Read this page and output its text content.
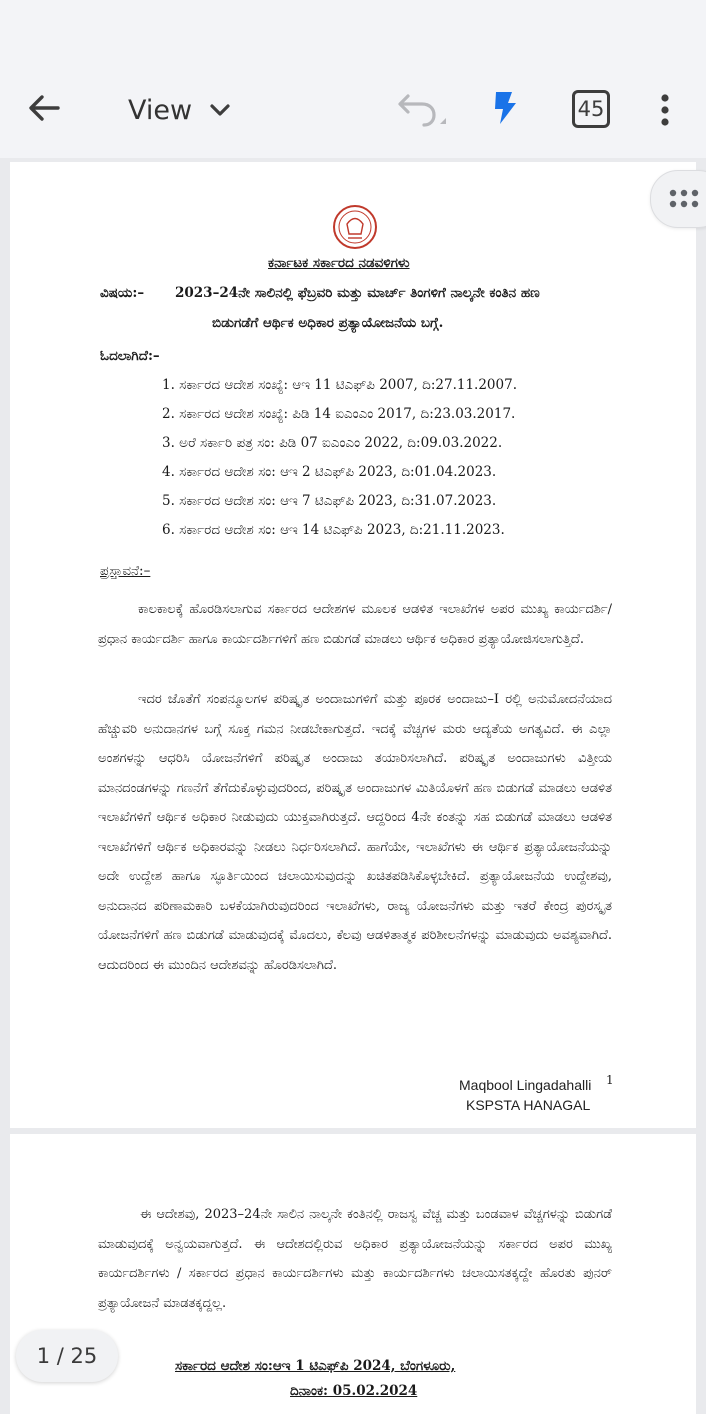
View	45
ಕರ್ನಾಟಕ ಸರ್ಕಾರದ ನಡವಳಿಗಳು
ವಿಷಯ:– 2023–24ನೇ ಸಾಲಿನಲ್ಲಿ ಫೆಬ್ರವರಿ ಮತ್ತು ಮಾರ್ಚ್ ತಿಂಗಳಿಗೆ ನಾಲ್ಕನೇ ಕಂತಿನ ಹಣ
ಬಿಡುಗಡೆಗೆ ಆರ್ಥಿಕ ಅಧಿಕಾರ ಪ್ರತ್ಯಾಯೋಜನೆಯ ಬಗ್ಗೆ.
ಓದಲಾಗಿದೆ:–
1. ಸರ್ಕಾರದ ಆದೇಶ ಸಂಖ್ಯೆ: ಆಇ 11 ಟಿಎಫ್‌ಪಿ 2007, ದಿ:27.11.2007.
2. ಸರ್ಕಾರದ ಆದೇಶ ಸಂಖ್ಯೆ: ಪಿಡಿ 14 ಐಎಂಎಂ 2017, ದಿ:23.03.2017.
3. ಅರೆ ಸರ್ಕಾರಿ ಪತ್ರ ಸಂ: ಪಿಡಿ 07 ಐಎಂಎಂ 2022, ದಿ:09.03.2022.
4. ಸರ್ಕಾರದ ಆದೇಶ ಸಂ: ಆಇ 2 ಟಿಎಫ್‌ಪಿ 2023, ದಿ:01.04.2023.
5. ಸರ್ಕಾರದ ಆದೇಶ ಸಂ: ಆಇ 7 ಟಿಎಫ್‌ಪಿ 2023, ದಿ:31.07.2023.
6. ಸರ್ಕಾರದ ಆದೇಶ ಸಂ: ಆಇ 14 ಟಿಎಫ್‌ಪಿ 2023, ದಿ:21.11.2023.
ಪ್ರಸ್ತಾವನೆ:–
ಕಾಲಕಾಲಕ್ಕೆ ಹೊರಡಿಸಲಾಗುವ ಸರ್ಕಾರದ ಆದೇಶಗಳ ಮೂಲಕ ಆಡಳಿತ ಇಲಾಖೆಗಳ ಅಪರ ಮುಖ್ಯ ಕಾರ್ಯದರ್ಶಿ/ ಪ್ರಧಾನ ಕಾರ್ಯದರ್ಶಿ ಹಾಗೂ ಕಾರ್ಯದರ್ಶಿಗಳಿಗೆ ಹಣ ಬಿಡುಗಡೆ ಮಾಡಲು ಆರ್ಥಿಕ ಅಧಿಕಾರ ಪ್ರತ್ಯಾಯೋಜಿಸಲಾಗುತ್ತಿದೆ.
ಇದರ ಜೊತೆಗೆ ಸಂಪನ್ಮೂಲಗಳ ಪರಿಷ್ಕೃತ ಅಂದಾಜುಗಳಿಗೆ ಮತ್ತು ಪೂರಕ ಅಂದಾಜು–I ರಲ್ಲಿ ಅನುಮೋದನೆಯಾದ ಹೆಚ್ಚುವರಿ ಅನುದಾನಗಳ ಬಗ್ಗೆ ಸೂಕ್ತ ಗಮನ ನೀಡಬೇಕಾಗುತ್ತದೆ. ಇದಕ್ಕೆ ವೆಚ್ಚಗಳ ಮರು ಆದ್ಯತೆಯ ಅಗತ್ಯವಿದೆ. ಈ ಎಲ್ಲಾ ಅಂಶಗಳನ್ನು ಆಧರಿಸಿ ಯೋಜನೆಗಳಿಗೆ ಪರಿಷ್ಕೃತ ಅಂದಾಜು ತಯಾರಿಸಲಾಗಿದೆ. ಪರಿಷ್ಕೃತ ಅಂದಾಜುಗಳು ವಿತ್ತೀಯ ಮಾನದಂಡಗಳನ್ನು ಗಣನೆಗೆ ತೆಗೆದುಕೊಳ್ಳುವುದರಿಂದ, ಪರಿಷ್ಕೃತ ಅಂದಾಜುಗಳ ಮಿತಿಯೊಳಗೆ ಹಣ ಬಿಡುಗಡೆ ಮಾಡಲು ಆಡಳಿತ ಇಲಾಖೆಗಳಿಗೆ ಆರ್ಥಿಕ ಅಧಿಕಾರ ನೀಡುವುದು ಯುಕ್ತವಾಗಿರುತ್ತದೆ. ಆದ್ದರಿಂದ 4ನೇ ಕಂತನ್ನು ಸಹ ಬಿಡುಗಡೆ ಮಾಡಲು ಆಡಳಿತ ಇಲಾಖೆಗಳಿಗೆ ಆರ್ಥಿಕ ಅಧಿಕಾರವನ್ನು ನೀಡಲು ನಿರ್ಧರಿಸಲಾಗಿದೆ. ಹಾಗೆಯೇ, ಇಲಾಖೆಗಳು ಈ ಆರ್ಥಿಕ ಪ್ರತ್ಯಾಯೋಜನೆಯನ್ನು ಅದೇ ಉದ್ದೇಶ ಹಾಗೂ ಸ್ಫೂರ್ತಿಯಿಂದ ಚಲಾಯಿಸುವುದನ್ನು ಖಚಿತಪಡಿಸಿಕೊಳ್ಳಬೇಕಿದೆ. ಪ್ರತ್ಯಾಯೋಜನೆಯ ಉದ್ದೇಶವು, ಅನುದಾನದ ಪರಿಣಾಮಕಾರಿ ಬಳಕೆಯಾಗಿರುವುದರಿಂದ ಇಲಾಖೆಗಳು, ರಾಜ್ಯ ಯೋಜನೆಗಳು ಮತ್ತು ಇತರೆ ಕೇಂದ್ರ ಪುರಸ್ಕೃತ ಯೋಜನೆಗಳಿಗೆ ಹಣ ಬಿಡುಗಡೆ ಮಾಡುವುದಕ್ಕೆ ಮೊದಲು, ಕೆಲವು ಆಡಳಿತಾತ್ಮಕ ಪರಿಶೀಲನೆಗಳನ್ನು ಮಾಡುವುದು ಅವಶ್ಯವಾಗಿದೆ. ಆದುದರಿಂದ ಈ ಮುಂದಿನ ಆದೇಶವನ್ನು ಹೊರಡಿಸಲಾಗಿದೆ.
Maqbool Lingadahalli
KSPSTA HANAGAL
1
ಈ ಆದೇಶವು, 2023–24ನೇ ಸಾಲಿನ ನಾಲ್ಕನೇ ಕಂತಿನಲ್ಲಿ ರಾಜಸ್ವ ವೆಚ್ಚ ಮತ್ತು ಬಂಡವಾಳ ವೆಚ್ಚಗಳನ್ನು ಬಿಡುಗಡೆ ಮಾಡುವುದಕ್ಕೆ ಅನ್ವಯವಾಗುತ್ತದೆ. ಈ ಆದೇಶದಲ್ಲಿರುವ ಅಧಿಕಾರ ಪ್ರತ್ಯಾಯೋಜನೆಯನ್ನು ಸರ್ಕಾರದ ಅಪರ ಮುಖ್ಯ ಕಾರ್ಯದರ್ಶಿಗಳು / ಸರ್ಕಾರದ ಪ್ರಧಾನ ಕಾರ್ಯದರ್ಶಿಗಳು ಮತ್ತು ಕಾರ್ಯದರ್ಶಿಗಳು ಚಲಾಯಿಸತಕ್ಕದ್ದೇ ಹೊರತು ಪುನರ್ ಪ್ರತ್ಯಾಯೋಜನೆ ಮಾಡತಕ್ಕದ್ದಲ್ಲ.
ಸರ್ಕಾರದ ಆದೇಶ ಸಂ:ಆಇ 1 ಟಿಎಫ್‌ಪಿ 2024, ಬೆಂಗಳೂರು,
ದಿನಾಂಕ: 05.02.2024
1 / 25
